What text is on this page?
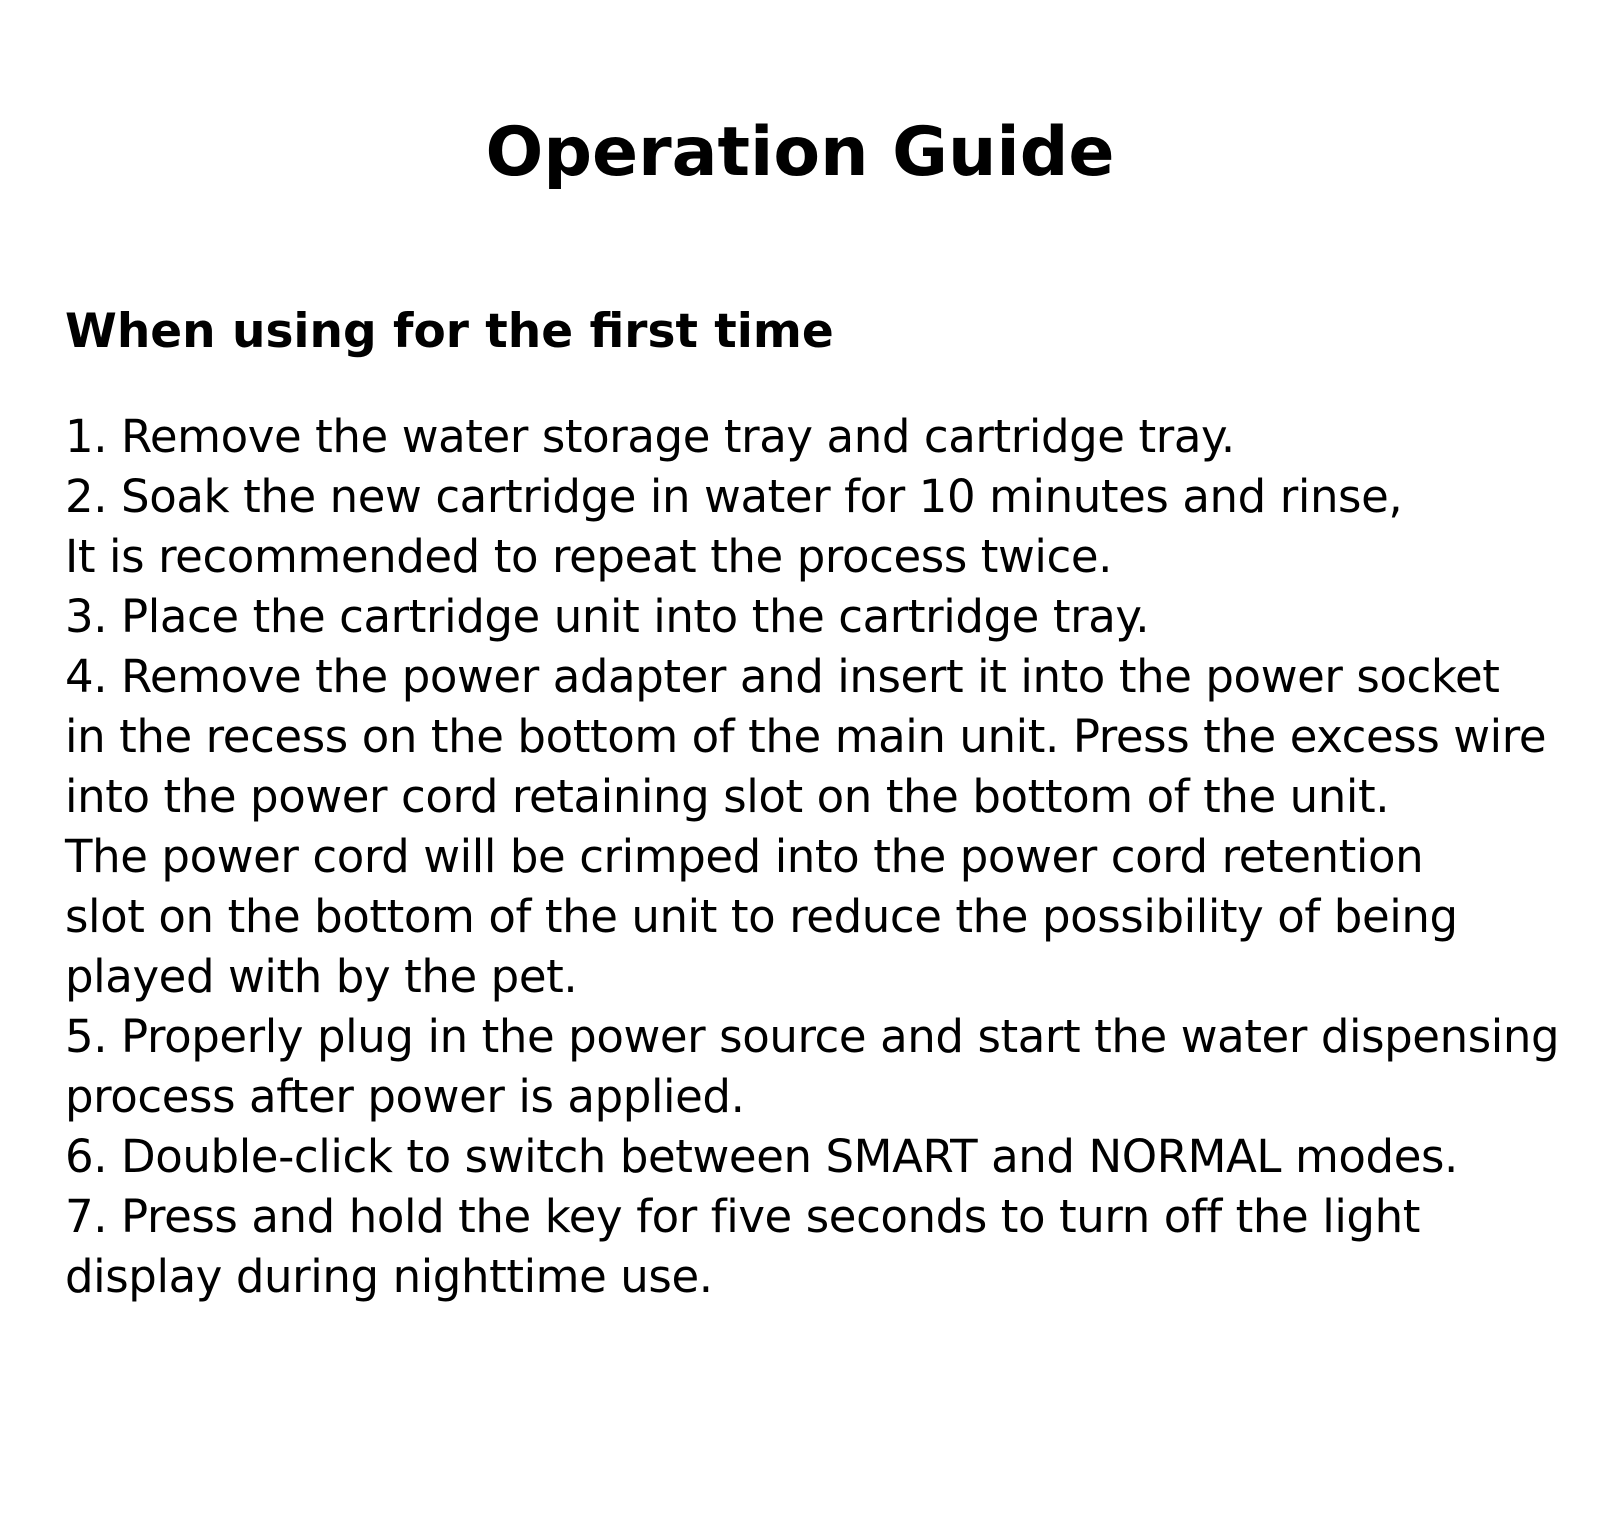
Operation Guide
When using for the first time
1. Remove the water storage tray and cartridge tray.
2. Soak the new cartridge in water for 10 minutes and rinse,
It is recommended to repeat the process twice.
3. Place the cartridge unit into the cartridge tray.
4. Remove the power adapter and insert it into the power socket
in the recess on the bottom of the main unit. Press the excess wire
into the power cord retaining slot on the bottom of the unit.
The power cord will be crimped into the power cord retention
slot on the bottom of the unit to reduce the possibility of being
played with by the pet.
5. Properly plug in the power source and start the water dispensing
process after power is applied.
6. Double-click to switch between SMART and NORMAL modes.
7. Press and hold the key for five seconds to turn off the light
display during nighttime use.
